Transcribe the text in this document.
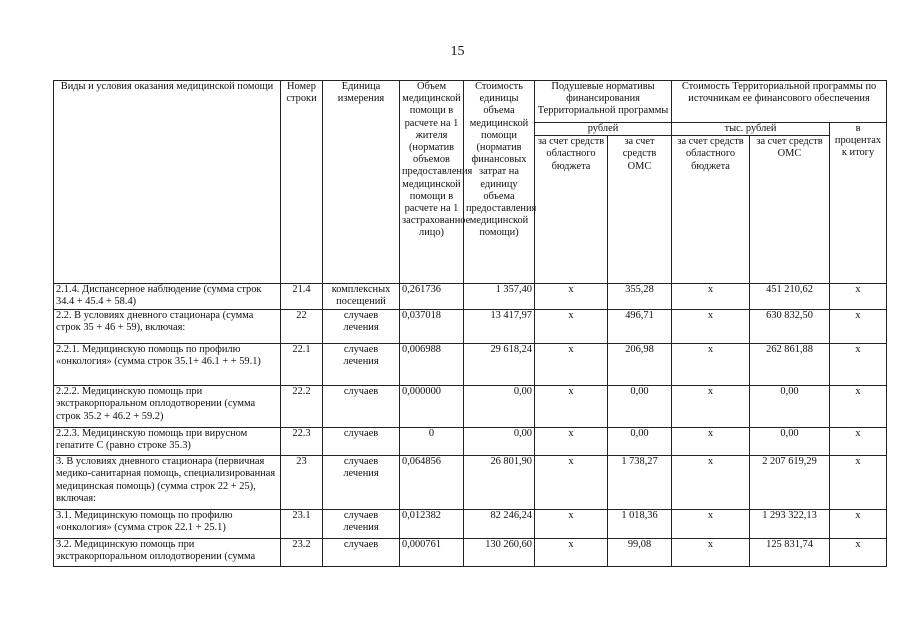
15
Виды и условия оказания медицинской помощи	Номер строки	Единица измерения	Объем медицинской помощи в расчете на 1 жителя (норматив объемов предоставления медицинской помощи в расчете на 1 застрахованное лицо)	Стоимость единицы объема медицинской помощи (норматив финансовых затрат на единицу объема предоставления медицинской помощи)	Подушевые нормативы финансирования Территориальной программы		Стоимость Территориальной программы по источникам ее финансового обеспечения		
					рублей		тыс. рублей		в процентах к итогу
					за счет средств областного бюджета	за счет средств ОМС	за счет средств областного бюджета	за счет средств ОМС	
2.1.4. Диспансерное наблюдение (сумма строк 34.4 + 45.4 + 58.4)	21.4	комплексных посещений	0,261736	1 357,40	х	355,28	х	451 210,62	х
2.2. В условиях дневного стационара (сумма строк 35 + 46 + 59), включая:	22	случаев лечения	0,037018	13 417,97	х	496,71	х	630 832,50	х
2.2.1. Медицинскую помощь по профилю «онкология» (сумма строк 35.1+ 46.1 + + 59.1)	22.1	случаев лечения	0,006988	29 618,24	х	206,98	х	262 861,88	х
2.2.2. Медицинскую помощь при экстракорпоральном оплодотворении (сумма строк 35.2 + 46.2 + 59.2)	22.2	случаев	0,000000	0,00	х	0,00	х	0,00	х
2.2.3. Медицинскую помощь при вирусном гепатите С (равно строке 35.3)	22.3	случаев	0	0,00	х	0,00	х	0,00	х
3. В условиях дневного стационара (первичная медико-санитарная помощь, специализированная медицинская помощь) (сумма строк 22 + 25), включая:	23	случаев лечения	0,064856	26 801,90	х	1 738,27	х	2 207 619,29	х
3.1. Медицинскую помощь по профилю «онкология» (сумма строк 22.1 + 25.1)	23.1	случаев лечения	0,012382	82 246,24	х	1 018,36	х	1 293 322,13	х
3.2. Медицинскую помощь при экстракорпоральном оплодотворении (сумма	23.2	случаев	0,000761	130 260,60	х	99,08	х	125 831,74	х
